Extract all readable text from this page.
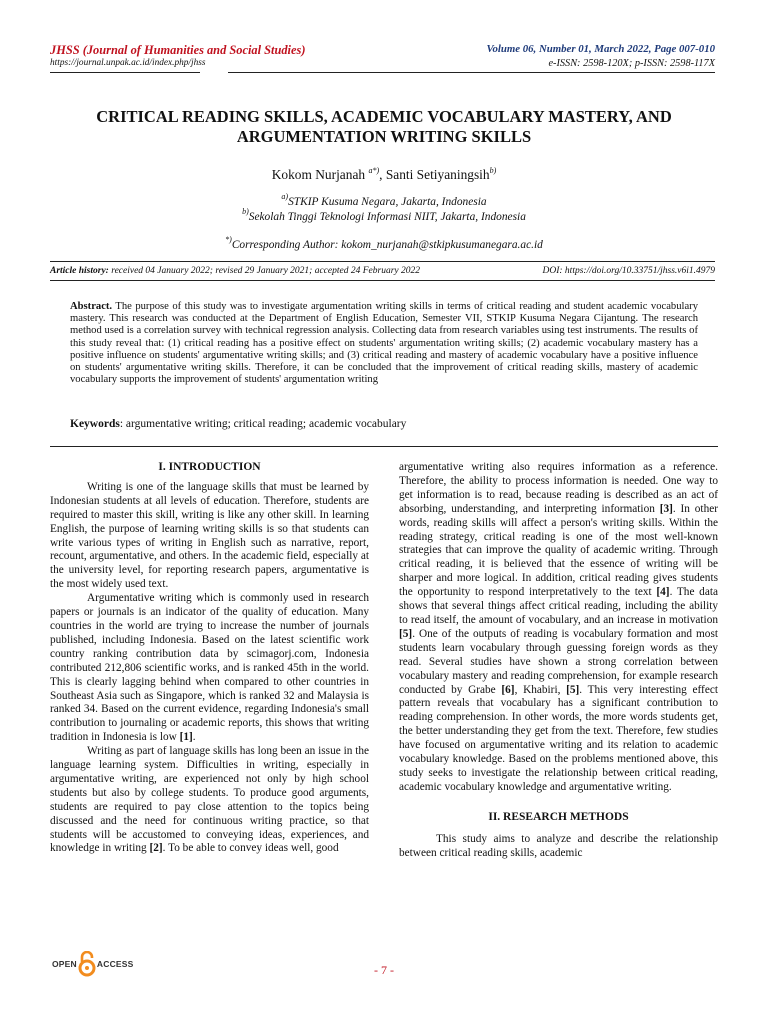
JHSS (Journal of Humanities and Social Studies)
https://journal.unpak.ac.id/index.php/jhss
Volume 06, Number 01, March 2022, Page 007-010
e-ISSN: 2598-120X; p-ISSN: 2598-117X
CRITICAL READING SKILLS, ACADEMIC VOCABULARY MASTERY, AND ARGUMENTATION WRITING SKILLS
Kokom Nurjanah $^{a*)}$, Santi Setiyaningsih$^{b)}$
$^{a)}$STKIP Kusuma Negara, Jakarta, Indonesia
$^{b)}$Sekolah Tinggi Teknologi Informasi NIIT, Jakarta, Indonesia
*)Corresponding Author: kokom_nurjanah@stkipkusumanegara.ac.id
Article history: received 04 January 2022; revised 29 January 2021; accepted 24 February 2022	DOI: https://doi.org/10.33751/jhss.v6i1.4979
Abstract. The purpose of this study was to investigate argumentation writing skills in terms of critical reading and student academic vocabulary mastery. This research was conducted at the Department of English Education, Semester VII, STKIP Kusuma Negara Cijantung. The research method used is a correlation survey with technical regression analysis. Collecting data from research variables using test instruments. The results of this study reveal that: (1) critical reading has a positive effect on students' argumentation writing skills; (2) academic vocabulary mastery has a positive influence on students' argumentative writing skills; and (3) critical reading and mastery of academic vocabulary have a positive influence on students' argumentative writing skills. Therefore, it can be concluded that the improvement of critical reading skills, mastery of academic vocabulary supports the improvement of students' argumentation writing
Keywords: argumentative writing; critical reading; academic vocabulary

I. INTRODUCTION

Writing is one of the language skills that must be learned by Indonesian students at all levels of education. Therefore, students are required to master this skill, writing is like any other skill. In learning English, the purpose of learning writing skills is so that students can write various types of writing in English such as narrative, report, recount, argumentative, and others. In the academic field, especially at the university level, for reporting research papers, argumentative is the most widely used text.

Argumentative writing which is commonly used in research papers or journals is an indicator of the quality of education. Many countries in the world are trying to increase the number of journals published, including Indonesia. Based on the latest scientific work country ranking contribution data by scimagorj.com, Indonesia contributed 212,806 scientific works, and is ranked 45th in the world. This is clearly lagging behind when compared to other countries in Southeast Asia such as Singapore, which is ranked 32 and Malaysia is ranked 34. Based on the current evidence, regarding Indonesia's small contribution to journaling or academic reports, this shows that writing tradition in Indonesia is low [1].

Writing as part of language skills has long been an issue in the language learning system. Difficulties in writing, especially in argumentative writing, are experienced not only by high school students but also by college students. To produce good arguments, students are required to pay close attention to the topics being discussed and the need for continuous writing practice, so that students will be accustomed to conveying ideas, experiences, and knowledge in writing [2]. To be able to convey ideas well, good

argumentative writing also requires information as a reference. Therefore, the ability to process information is needed. One way to get information is to read, because reading is described as an act of absorbing, understanding, and interpreting information [3]. In other words, reading skills will affect a person's writing skills. Within the reading strategy, critical reading is one of the most well-known strategies that can improve the quality of academic writing. Through critical reading, it is believed that the essence of writing will be sharper and more logical. In addition, critical reading gives students the opportunity to respond interpretatively to the text [4]. The data shows that several things affect critical reading, including the ability to read itself, the amount of vocabulary, and an increase in motivation [5]. One of the outputs of reading is vocabulary formation and most students learn vocabulary through guessing foreign words as they read. Several studies have shown a strong correlation between vocabulary mastery and reading comprehension, for example research conducted by Grabe [6], Khabiri, [5]. This very interesting effect pattern reveals that vocabulary has a significant contribution to reading comprehension. In other words, the more words students get, the better understanding they get from the text. Therefore, few studies have focused on argumentative writing and its relation to academic vocabulary knowledge. Based on the problems mentioned above, this study seeks to investigate the relationship between critical reading, academic vocabulary knowledge and argumentative writing.

II. RESEARCH METHODS

This study aims to analyze and describe the relationship between critical reading skills, academic

OPEN ACCESS	- 7 -
